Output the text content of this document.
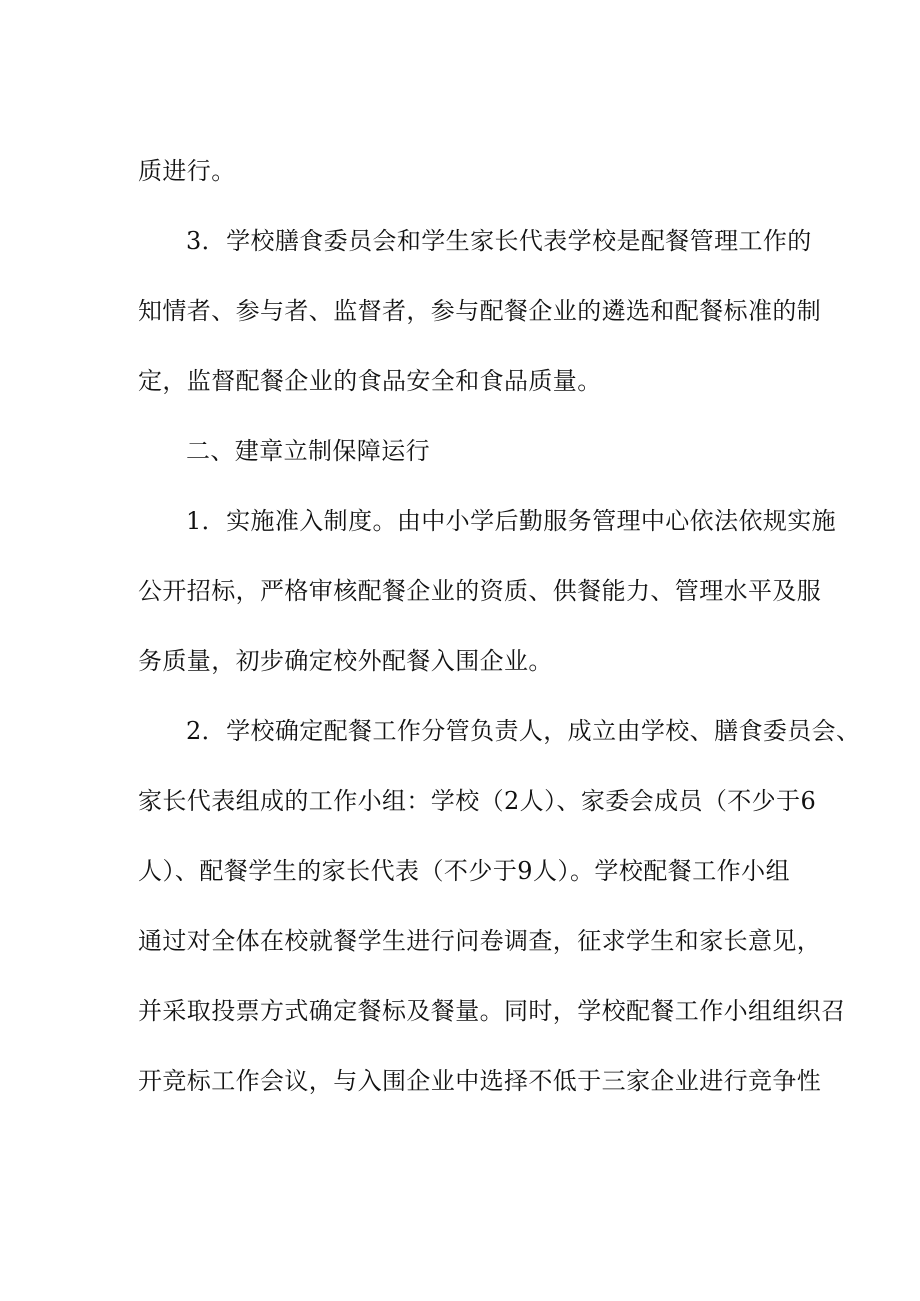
质进行。

3．学校膳食委员会和学生家长代表学校是配餐管理工作的

知情者、参与者、监督者，参与配餐企业的遴选和配餐标准的制

定，监督配餐企业的食品安全和食品质量。

二、建章立制保障运行

1．实施准入制度。由中小学后勤服务管理中心依法依规实施

公开招标，严格审核配餐企业的资质、供餐能力、管理水平及服

务质量，初步确定校外配餐入围企业。

2．学校确定配餐工作分管负责人，成立由学校、膳食委员会、

家长代表组成的工作小组：学校（2人）、家委会成员（不少于6

人）、配餐学生的家长代表（不少于9人）。学校配餐工作小组

通过对全体在校就餐学生进行问卷调查，征求学生和家长意见，

并采取投票方式确定餐标及餐量。同时，学校配餐工作小组组织召

开竞标工作会议，与入围企业中选择不低于三家企业进行竞争性
